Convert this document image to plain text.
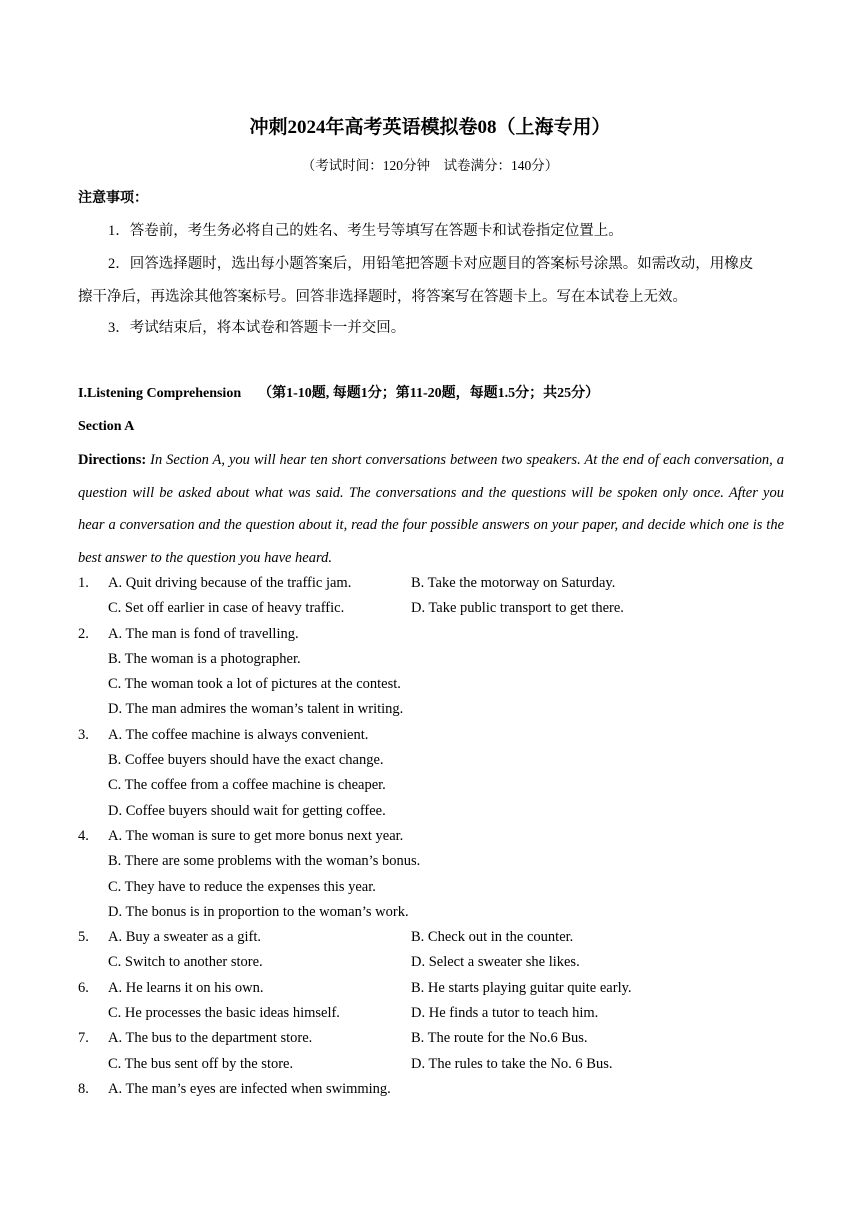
冲刺2024年高考英语模拟卷08（上海专用）
（考试时间：120分钟　试卷满分：140分）
注意事项：
1．答卷前，考生务必将自己的姓名、考生号等填写在答题卡和试卷指定位置上。
2．回答选择题时，选出每小题答案后，用铅笔把答题卡对应题目的答案标号涂黑。如需改动，用橡皮
擦干净后，再选涂其他答案标号。回答非选择题时，将答案写在答题卡上。写在本试卷上无效。
3．考试结束后，将本试卷和答题卡一并交回。
I.Listening Comprehension （第1-10题, 每题1分；第11-20题，每题1.5分；共25分）
Section A
Directions: In Section A, you will hear ten short conversations between two speakers. At the end of each conversation, a question will be asked about what was said. The conversations and the questions will be spoken only once. After you hear a conversation and the question about it, read the four possible answers on your paper, and decide which one is the best answer to the question you have heard.
1. A. Quit driving because of the traffic jam.	B. Take the motorway on Saturday.
C. Set off earlier in case of heavy traffic.	D. Take public transport to get there.
2. A. The man is fond of travelling.
B. The woman is a photographer.
C. The woman took a lot of pictures at the contest.
D. The man admires the woman’s talent in writing.
3. A. The coffee machine is always convenient.
B. Coffee buyers should have the exact change.
C. The coffee from a coffee machine is cheaper.
D. Coffee buyers should wait for getting coffee.
4. A. The woman is sure to get more bonus next year.
B. There are some problems with the woman’s bonus.
C. They have to reduce the expenses this year.
D. The bonus is in proportion to the woman’s work.
5. A. Buy a sweater as a gift.	B. Check out in the counter.
C. Switch to another store.	D. Select a sweater she likes.
6. A. He learns it on his own.	B. He starts playing guitar quite early.
C. He processes the basic ideas himself.	D. He finds a tutor to teach him.
7. A. The bus to the department store.	B. The route for the No.6 Bus.
C. The bus sent off by the store.	D. The rules to take the No. 6 Bus.
8. A. The man’s eyes are infected when swimming.
